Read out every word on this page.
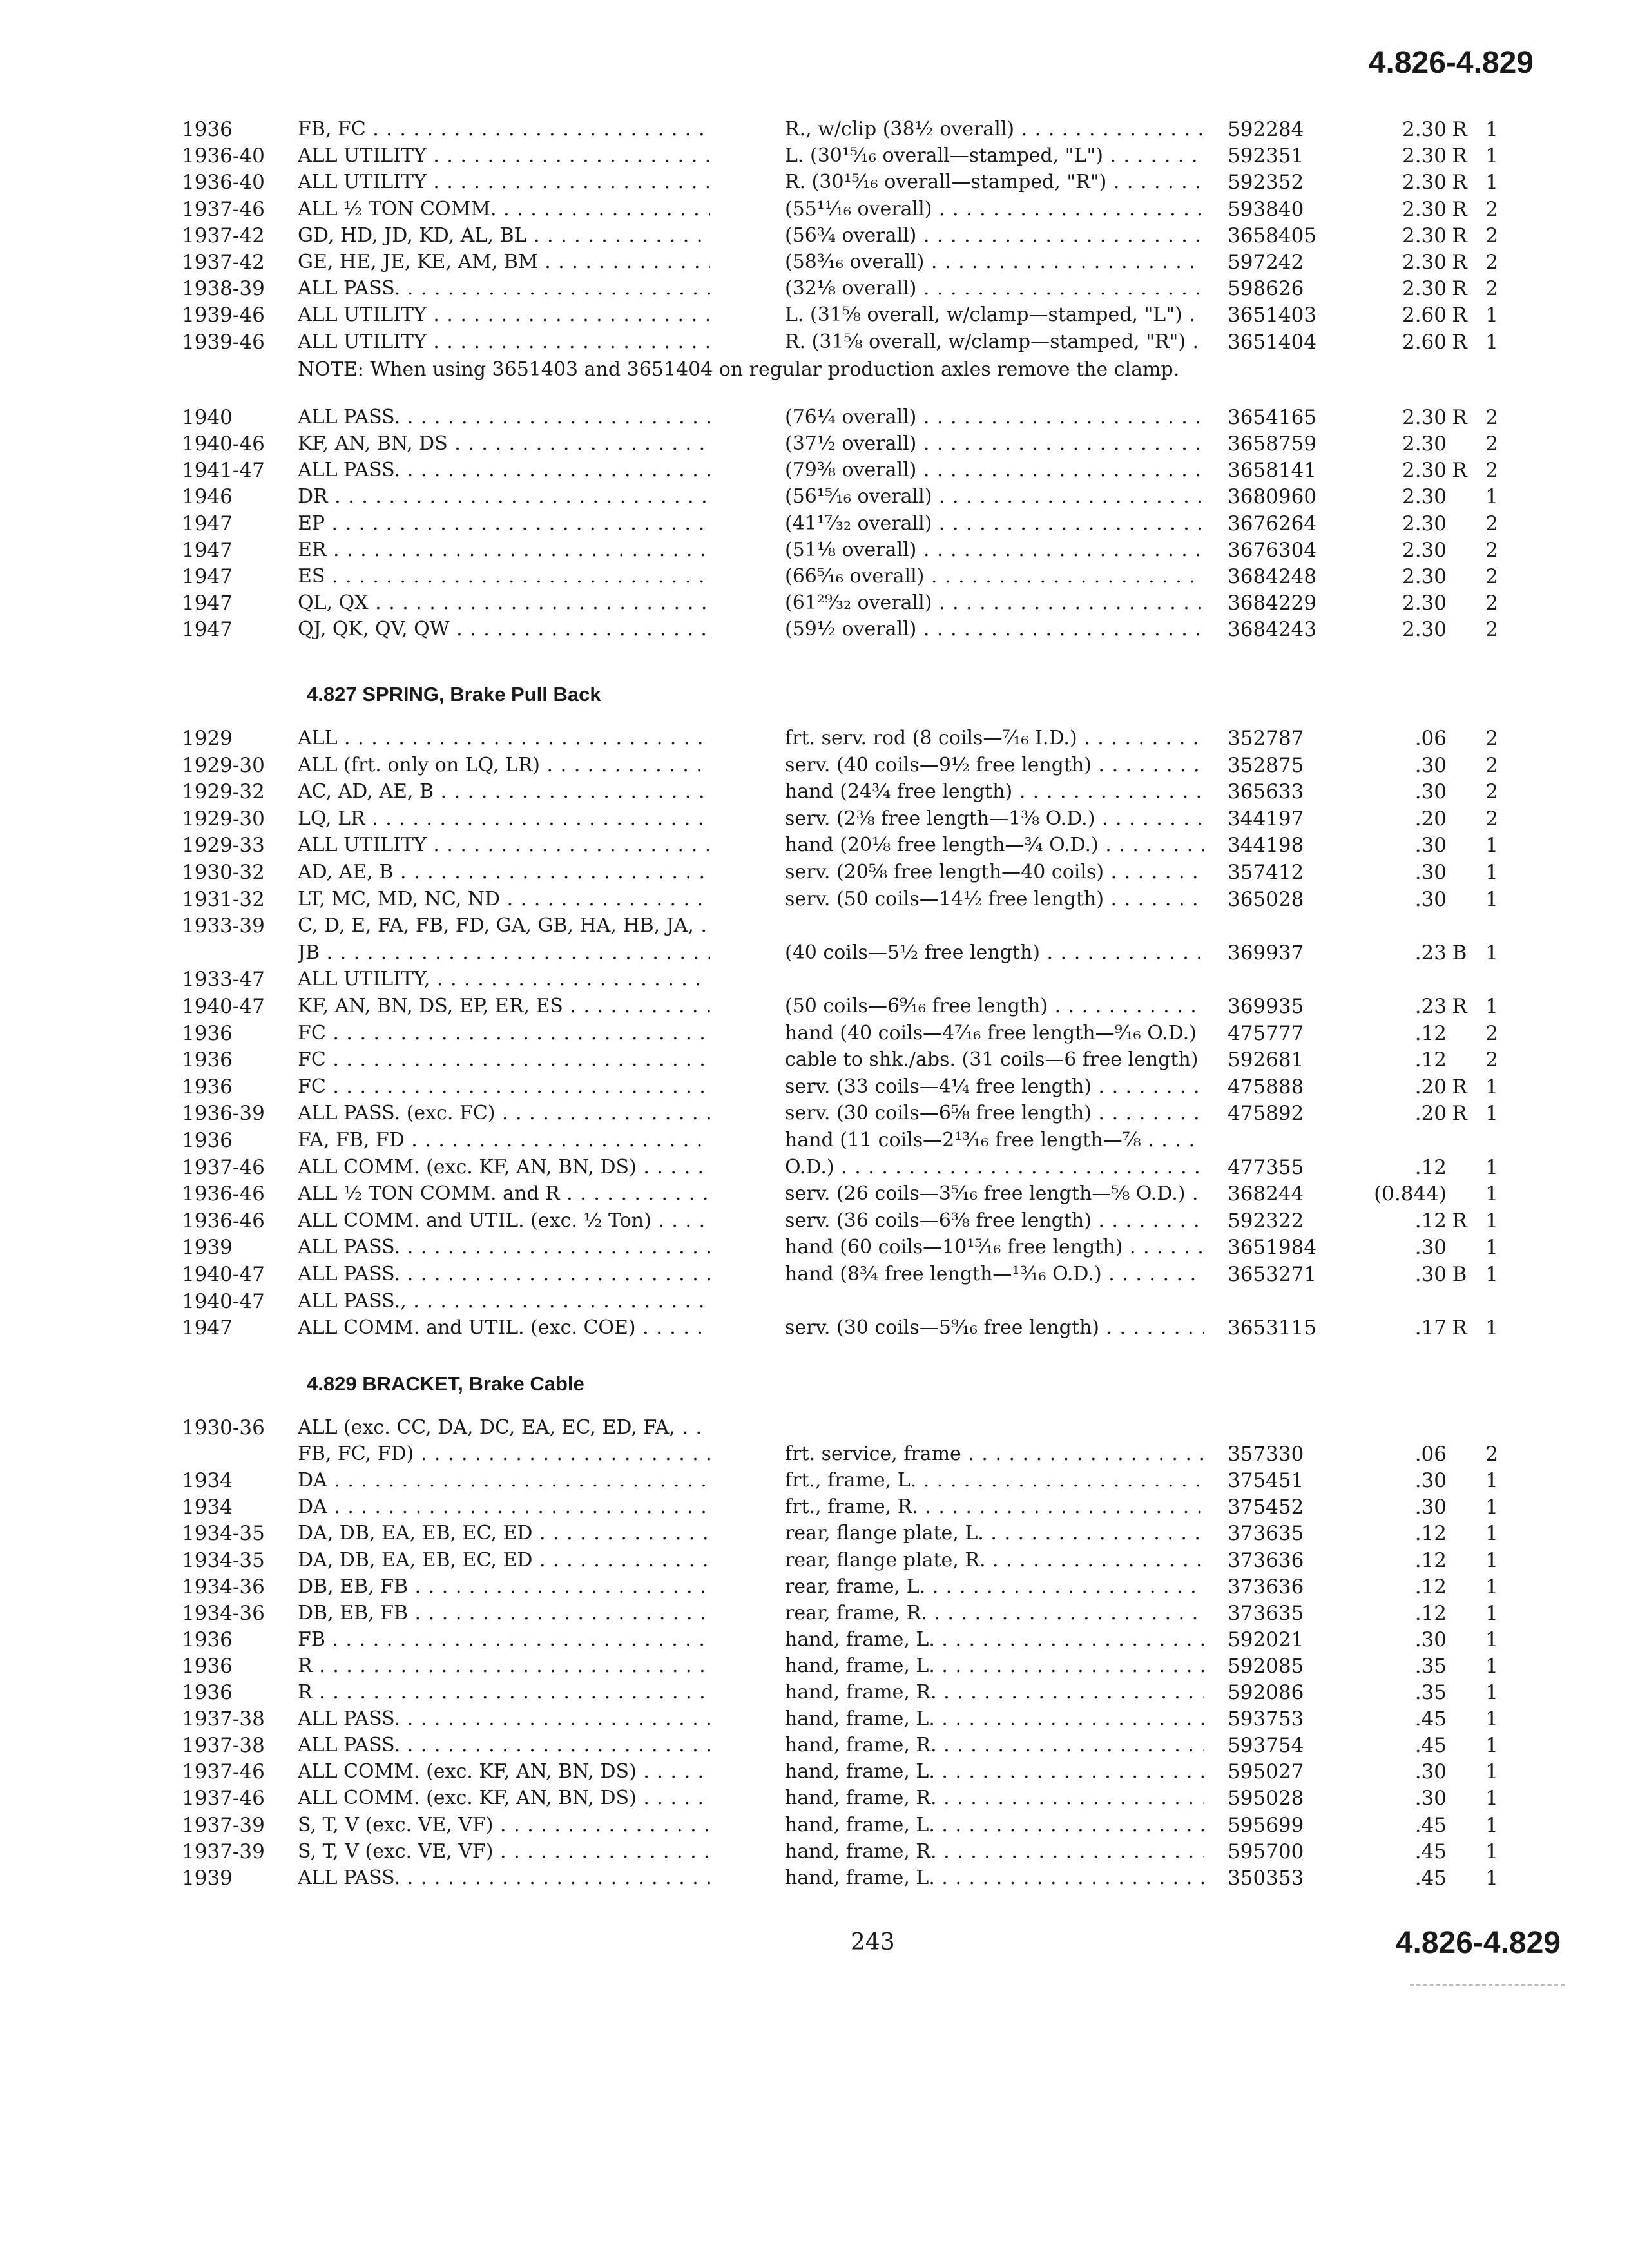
4.826-4.829
1936	FB, FC . . .	R., w/clip (38½ overall) . . .	592284	2.30 R 1
1936-40 ALL UTILITY . . .	L. (30¹⁵⁄₁₆ overall—stamped, "L") . . .	592351	2.30 R 1
1936-40 ALL UTILITY . . .	R. (30¹⁵⁄₁₆ overall—stamped, "R") . . .	592352	2.30 R 1
1937-46 ALL ½ TON COMM. . . .	(55¹¹⁄₁₆ overall) . . .	593840	2.30 R 2
1937-42 GD, HD, JD, KD, AL, BL . . .	(56¾ overall) . . .	3658405	2.30 R 2
1937-42 GE, HE, JE, KE, AM, BM . . .	(58³⁄₁₆ overall) . . .	597242	2.30 R 2
1938-39 ALL PASS. . . .	(32⅛ overall) . . .	598626	2.30 R 2
1939-46 ALL UTILITY . . .	L. (31⅝ overall, w/clamp—stamped, "L") . . .	3651403	2.60 R 1
1939-46 ALL UTILITY . . .	R. (31⅝ overall, w/clamp—stamped, "R") . . .	3651404	2.60 R 1
NOTE: When using 3651403 and 3651404 on regular production axles remove the clamp.
1940	ALL PASS. . . .	(76¼ overall) . . .	3654165	2.30 R 2
1940-46 KF, AN, BN, DS . . .	(37½ overall) . . .	3658759	2.30	2
1941-47 ALL PASS. . . .	(79⅜ overall) . . .	3658141	2.30 R 2
1946	DR . . .	(56¹⁵⁄₁₆ overall) . . .	3680960	2.30	1
1947	EP . . .	(41¹⁷⁄₃₂ overall) . . .	3676264	2.30	2
1947	ER . . .	(51⅛ overall) . . .	3676304	2.30	2
1947	ES . . .	(66⁵⁄₁₆ overall) . . .	3684248	2.30	2
1947	QL, QX . . .	(61²⁹⁄₃₂ overall) . . .	3684229	2.30	2
1947	QJ, QK, QV, QW . . .	(59½ overall) . . .	3684243	2.30	2
4.827 SPRING, Brake Pull Back
1929	ALL . . .	frt. serv. rod (8 coils—⁷⁄₁₆ I.D.) . . .	352787	.06	2
1929-30 ALL (frt. only on LQ, LR) . . .	serv. (40 coils—9½ free length) . . .	352875	.30	2
1929-32 AC, AD, AE, B . . .	hand (24¾ free length) . . .	365633	.30	2
1929-30 LQ, LR . . .	serv. (2⅜ free length—1⅜ O.D.) . . .	344197	.20	2
1929-33 ALL UTILITY . . .	hand (20⅛ free length—¾ O.D.) . . .	344198	.30	1
1930-32 AD, AE, B . . .	serv. (20⅝ free length—40 coils) . . .	357412	.30	1
1931-32 LT, MC, MD, NC, ND . . .	serv. (50 coils—14½ free length) . . .	365028	.30	1
1933-39 C, D, E, FA, FB, FD, GA, GB, HA, HB, JA, . . .
JB . . .	(40 coils—5½ free length) . . .	369937	.23 B 1
1933-47 ALL UTILITY, . . .
1940-47 KF, AN, BN, DS, EP, ER, ES . . .	(50 coils—6⁹⁄₁₆ free length) . . .	369935	.23 R 1
1936	FC . . .	hand (40 coils—4⁷⁄₁₆ free length—⁹⁄₁₆ O.D.) . . .	475777	.12	2
1936	FC . . .	cable to shk./abs. (31 coils—6 free length) . . . 592681	.12	2
1936	FC . . .	serv. (33 coils—4¼ free length) . . .	475888	.20 R 1
1936-39 ALL PASS. (exc. FC) . . .	serv. (30 coils—6⅝ free length) . . .	475892	.20 R 1
1936	FA, FB, FD . . .	hand (11 coils—2¹³⁄₁₆ free length—⅞ . . .
1937-46 ALL COMM. (exc. KF, AN, BN, DS) . . .	O.D.) . . .	477355	.12	1
1936-46 ALL ½ TON COMM. and R . . .	serv. (26 coils—3⁵⁄₁₆ free length—⅝ O.D.) . . .	368244	(0.844)	1
1936-46 ALL COMM. and UTIL. (exc. ½ Ton) . . .	serv. (36 coils—6³⁄₈ free length) . . .	592322	.12 R 1
1939	ALL PASS. . . .	hand (60 coils—10¹⁵⁄₁₆ free length) . . .	3651984	.30	1
1940-47 ALL PASS. . . .	hand (8¾ free length—¹³⁄₁₆ O.D.) . . .	3653271	.30 B 1
1940-47 ALL PASS., . . .
1947	ALL COMM. and UTIL. (exc. COE) . . .	serv. (30 coils—5⁹⁄₁₆ free length) . . .	3653115	.17 R 1
4.829 BRACKET, Brake Cable
1930-36 ALL (exc. CC, DA, DC, EA, EC, ED, FA, . . .
FB, FC, FD) . . .	frt. service, frame . . .	357330	.06	2
1934	DA . . .	frt., frame, L. . . .	375451	.30	1
1934	DA . . .	frt., frame, R. . . .	375452	.30	1
1934-35 DA, DB, EA, EB, EC, ED . . .	rear, flange plate, L. . . .	373635	.12	1
1934-35 DA, DB, EA, EB, EC, ED . . .	rear, flange plate, R. . . .	373636	.12	1
1934-36 DB, EB, FB . . .	rear, frame, L. . . .	373636	.12	1
1934-36 DB, EB, FB . . .	rear, frame, R. . . .	373635	.12	1
1936	FB . . .	hand, frame, L. . . .	592021	.30	1
1936	R . . .	hand, frame, L. . . .	592085	.35	1
1936	R . . .	hand, frame, R. . . .	592086	.35	1
1937-38 ALL PASS. . . .	hand, frame, L. . . .	593753	.45	1
1937-38 ALL PASS. . . .	hand, frame, R. . . .	593754	.45	1
1937-46 ALL COMM. (exc. KF, AN, BN, DS) . . .	hand, frame, L. . . .	595027	.30	1
1937-46 ALL COMM. (exc. KF, AN, BN, DS) . . .	hand, frame, R. . . .	595028	.30	1
1937-39 S, T, V (exc. VE, VF) . . .	hand, frame, L. . . .	595699	.45	1
1937-39 S, T, V (exc. VE, VF) . . .	hand, frame, R. . . .	595700	.45	1
1939	ALL PASS. . . .	hand, frame, L. . . .	350353	.45	1
243	4.826-4.829
